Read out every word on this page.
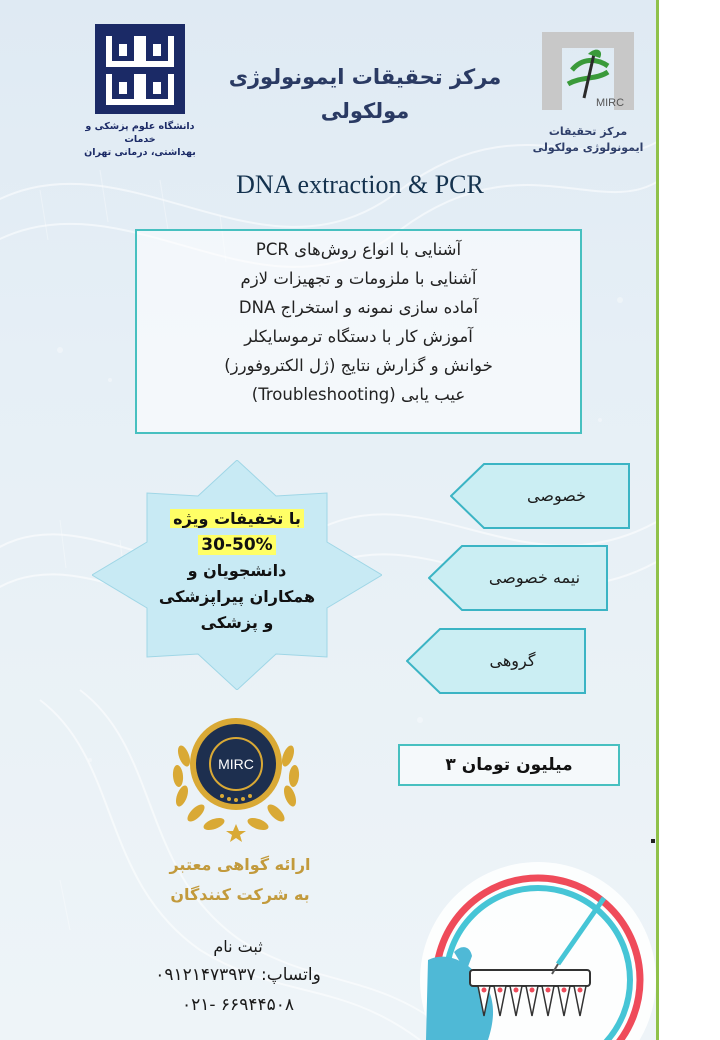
دانشگاه علوم پزشکی و خدمات
بهداشتی، درمانی تهران
MIRC
مرکز تحقیقات
ایمونولوژی مولکولی
مرکز تحقیقات ایمونولوژی
مولکولی
DNA extraction & PCR
آشنایی با انواع روش‌های PCR
آشنایی با ملزومات و تجهیزات لازم
آماده سازی نمونه و استخراج DNA
آموزش کار با دستگاه ترموسایکلر
خوانش و گزارش نتایج (ژل الکتروفورز)
عیب یابی (Troubleshooting)
با تخفیفات ویژه
30-50%
دانشجویان و
همکاران پیراپزشکی
و پزشکی
خصوصی
نیمه خصوصی
گروهی
۳ میلیون تومان
MIRC
ارائه گواهی معتبر
به شرکت کنندگان
ثبت نام
واتساپ: ۰۹۱۲۱۴۷۳۹۳۷
۰۲۱- ۶۶۹۴۴۵۰۸
